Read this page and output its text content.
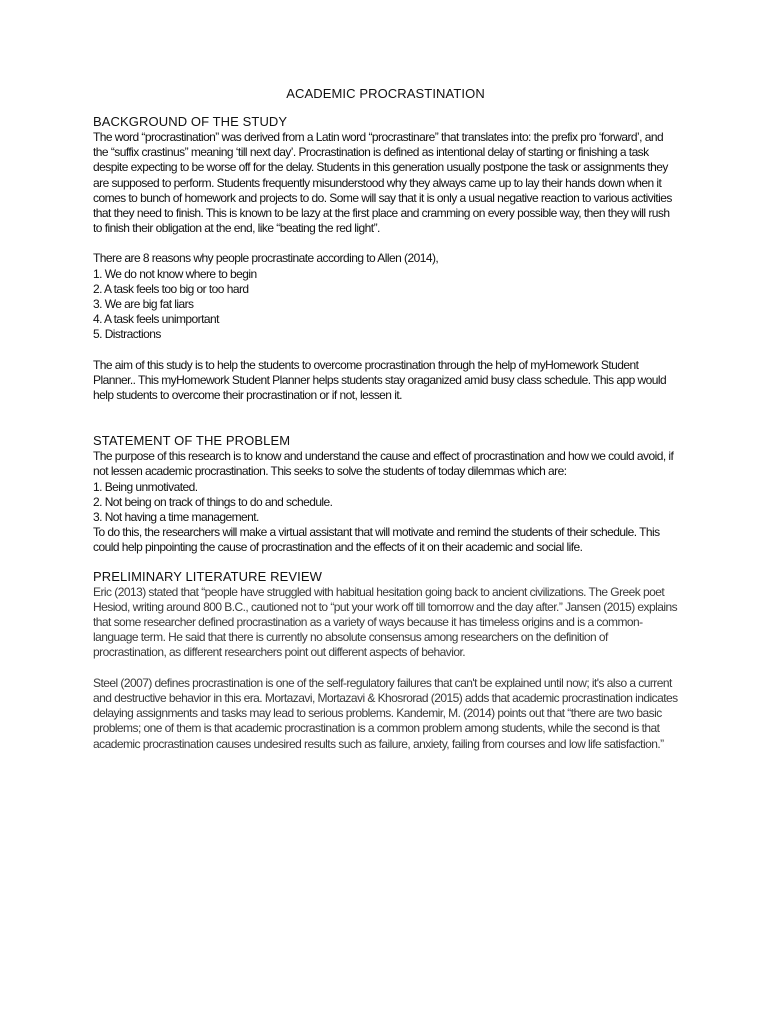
ACADEMIC PROCRASTINATION
BACKGROUND OF THE STUDY

The word “procrastination” was derived from a Latin word “procrastinare” that translates into: the prefix pro ‘forward’, and the “suffix crastinus” meaning ‘till next day’. Procrastination is defined as intentional delay of starting or finishing a task despite expecting to be worse off for the delay. Students in this generation usually postpone the task or assignments they are supposed to perform. Students frequently misunderstood why they always came up to lay their hands down when it comes to bunch of homework and projects to do. Some will say that it is only a usual negative reaction to various activities that they need to finish. This is known to be lazy at the first place and cramming on every possible way, then they will rush to finish their obligation at the end, like “beating the red light”.

There are 8 reasons why people procrastinate according to Allen (2014),

1. We do not know where to begin
2. A task feels too big or too hard
3. We are big fat liars
4. A task feels unimportant
5. Distractions

The aim of this study is to help the students to overcome procrastination through the help of myHomework Student Planner.. This myHomework Student Planner helps students stay oraganized amid busy class schedule. This app would help students to overcome their procrastination or if not, lessen it.

STATEMENT OF THE PROBLEM

The purpose of this research is to know and understand the cause and effect of procrastination and how we could avoid, if not lessen academic procrastination. This seeks to solve the students of today dilemmas which are:

1. Being unmotivated.
2. Not being on track of things to do and schedule.
3. Not having a time management.

To do this, the researchers will make a virtual assistant that will motivate and remind the students of their schedule. This could help pinpointing the cause of procrastination and the effects of it on their academic and social life.

PRELIMINARY LITERATURE REVIEW

Eric (2013) stated that “people have struggled with habitual hesitation going back to ancient civilizations. The Greek poet Hesiod, writing around 800 B.C., cautioned not to “put your work off till tomorrow and the day after.” Jansen (2015) explains that some researcher defined procrastination as a variety of ways because it has timeless origins and is a common-language term. He said that there is currently no absolute consensus among researchers on the definition of procrastination, as different researchers point out different aspects of behavior.

Steel (2007) defines procrastination is one of the self-regulatory failures that can't be explained until now; it's also a current and destructive behavior in this era. Mortazavi, Mortazavi & Khosrorad (2015) adds that academic procrastination indicates delaying assignments and tasks may lead to serious problems. Kandemir, M. (2014) points out that “there are two basic problems; one of them is that academic procrastination is a common problem among students, while the second is that academic procrastination causes undesired results such as failure, anxiety, failing from courses and low life satisfaction.”
